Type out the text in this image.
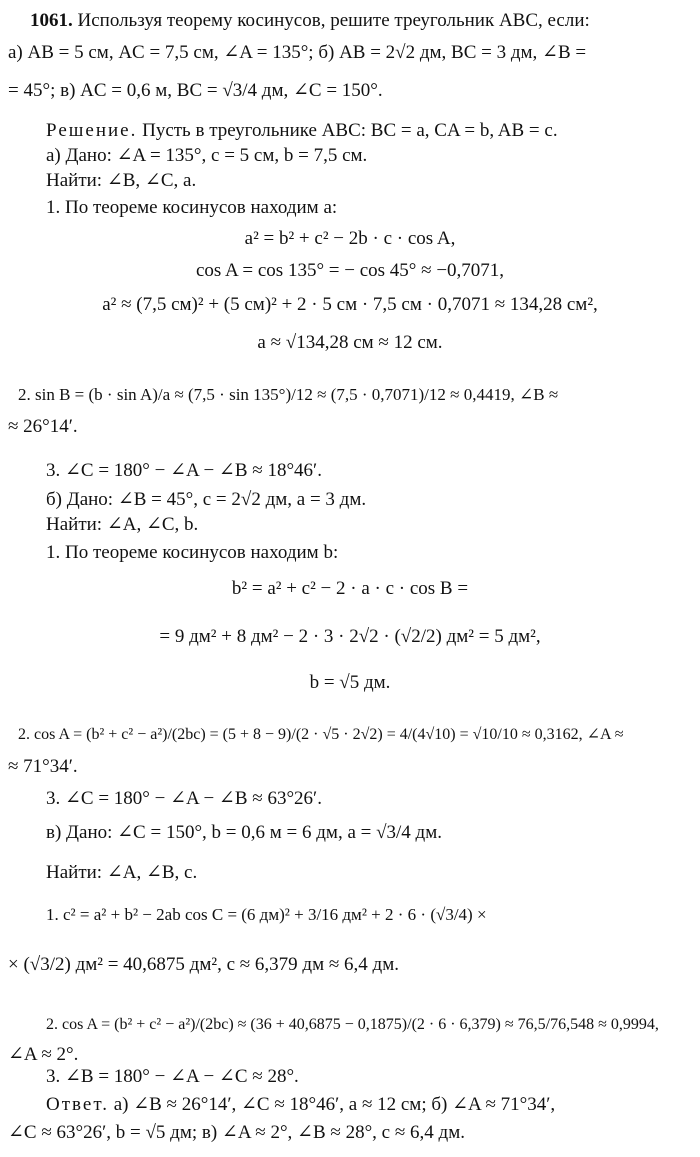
1061. Используя теорему косинусов, решите треугольник ABC, если:
а) AB = 5 см, AC = 7,5 см, ∠A = 135°; б) AB = 2√2 дм, BC = 3 дм, ∠B =
= 45°; в) AC = 0,6 м, BC = √3/4 дм, ∠C = 150°.
Решение. Пусть в треугольнике ABC: BC = a, CA = b, AB = c.
а) Дано: ∠A = 135°, c = 5 см, b = 7,5 см.
Найти: ∠B, ∠C, a.
1. По теореме косинусов находим a:
a² = b² + c² − 2b · c · cos A,
cos A = cos 135° = − cos 45° ≈ −0,7071,
a² ≈ (7,5 см)² + (5 см)² + 2 · 5 см · 7,5 см · 0,7071 ≈ 134,28 см²,
a ≈ √134,28 см ≈ 12 см.
2. sin B = (b · sin A)/a ≈ (7,5 · sin 135°)/12 ≈ (7,5 · 0,7071)/12 ≈ 0,4419, ∠B ≈
≈ 26°14′.
3. ∠C = 180° − ∠A − ∠B ≈ 18°46′.
б) Дано: ∠B = 45°, c = 2√2 дм, a = 3 дм.
Найти: ∠A, ∠C, b.
1. По теореме косинусов находим b:
b² = a² + c² − 2 · a · c · cos B =
= 9 дм² + 8 дм² − 2 · 3 · 2√2 · (√2/2) дм² = 5 дм²,
b = √5 дм.
2. cos A = (b² + c² − a²)/(2bc) = (5 + 8 − 9)/(2 · √5 · 2√2) = 4/(4√10) = √10/10 ≈ 0,3162, ∠A ≈
≈ 71°34′.
3. ∠C = 180° − ∠A − ∠B ≈ 63°26′.
в) Дано: ∠C = 150°, b = 0,6 м = 6 дм, a = √3/4 дм.
Найти: ∠A, ∠B, c.
1. c² = a² + b² − 2ab cos C = (6 дм)² + 3/16 дм² + 2 · 6 · (√3/4) ×
× (√3/2) дм² = 40,6875 дм², c ≈ 6,379 дм ≈ 6,4 дм.
2. cos A = (b² + c² − a²)/(2bc) ≈ (36 + 40,6875 − 0,1875)/(2 · 6 · 6,379) ≈ 76,5/76,548 ≈ 0,9994,
∠A ≈ 2°.
3. ∠B = 180° − ∠A − ∠C ≈ 28°.
Ответ. а) ∠B ≈ 26°14′, ∠C ≈ 18°46′, a ≈ 12 см; б) ∠A ≈ 71°34′,
∠C ≈ 63°26′, b = √5 дм; в) ∠A ≈ 2°, ∠B ≈ 28°, c ≈ 6,4 дм.
